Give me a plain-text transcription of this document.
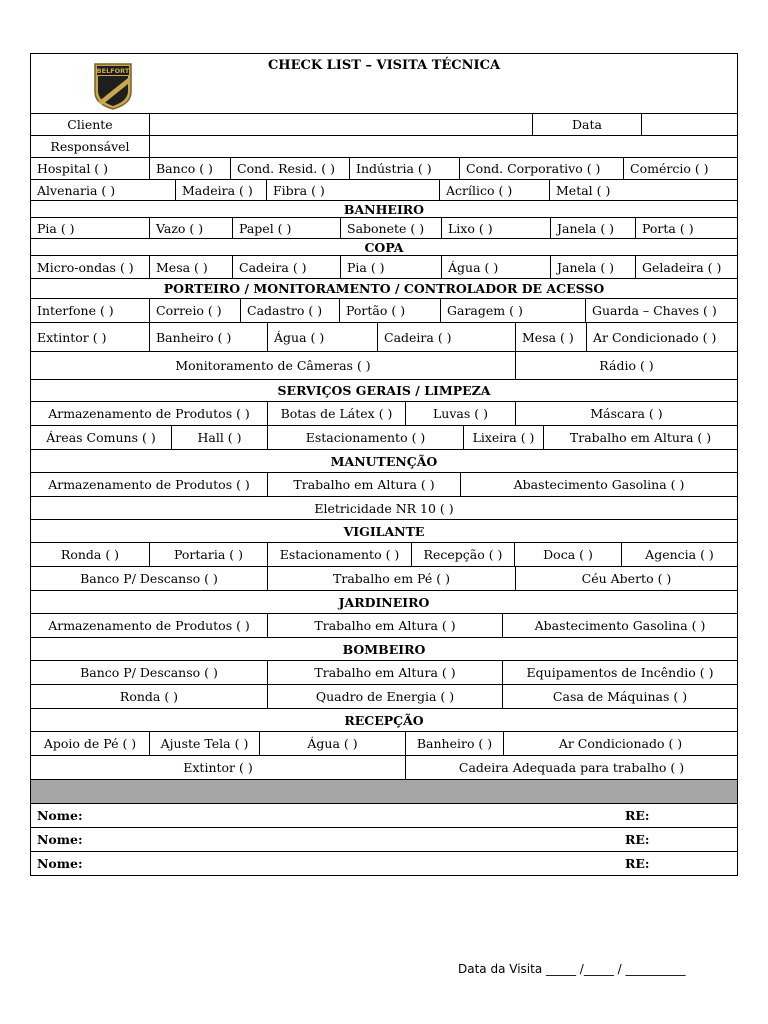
BELFORT	CHECK LIST – VISITA TÉCNICA
Cliente	Data
Responsável
Hospital ( )	Banco ( )	Cond. Resid. ( )	Indústria ( )	Cond. Corporativo ( )	Comércio ( )
Alvenaria ( )	Madeira ( )	Fibra ( )	Acrílico ( )	Metal ( )
BANHEIRO
Pia ( )	Vazo ( )	Papel ( )	Sabonete ( )	Lixo ( )	Janela ( )	Porta ( )
COPA
Micro-ondas ( )	Mesa ( )	Cadeira ( )	Pia ( )	Água ( )	Janela ( )	Geladeira ( )
PORTEIRO / MONITORAMENTO / CONTROLADOR DE ACESSO
Interfone ( )	Correio ( )	Cadastro ( )	Portão ( )	Garagem ( )	Guarda – Chaves ( )
Extintor ( )	Banheiro ( )	Água ( )	Cadeira ( )	Mesa ( )	Ar Condicionado ( )
Monitoramento de Câmeras ( )	Rádio ( )
SERVIÇOS GERAIS / LIMPEZA
Armazenamento de Produtos ( )	Botas de Látex ( )	Luvas ( )	Máscara ( )
Áreas Comuns ( )	Hall ( )	Estacionamento ( )	Lixeira ( )	Trabalho em Altura ( )
MANUTENÇÃO
Armazenamento de Produtos ( )	Trabalho em Altura ( )	Abastecimento Gasolina ( )
Eletricidade NR 10 ( )
VIGILANTE
Ronda ( )	Portaria ( )	Estacionamento ( )	Recepção ( )	Doca ( )	Agencia ( )
Banco P/ Descanso ( )	Trabalho em Pé ( )	Céu Aberto ( )
JARDINEIRO
Armazenamento de Produtos ( )	Trabalho em Altura ( )	Abastecimento Gasolina ( )
BOMBEIRO
Banco P/ Descanso ( )	Trabalho em Altura ( )	Equipamentos de Incêndio ( )
Ronda ( )	Quadro de Energia ( )	Casa de Máquinas ( )
RECEPÇÃO
Apoio de Pé ( )	Ajuste Tela ( )	Água ( )	Banheiro ( )	Ar Condicionado ( )
Extintor ( )	Cadeira Adequada para trabalho ( )
Nome:	RE:
Nome:	RE:
Nome:	RE:
Data da Visita _____ /_____ / __________
